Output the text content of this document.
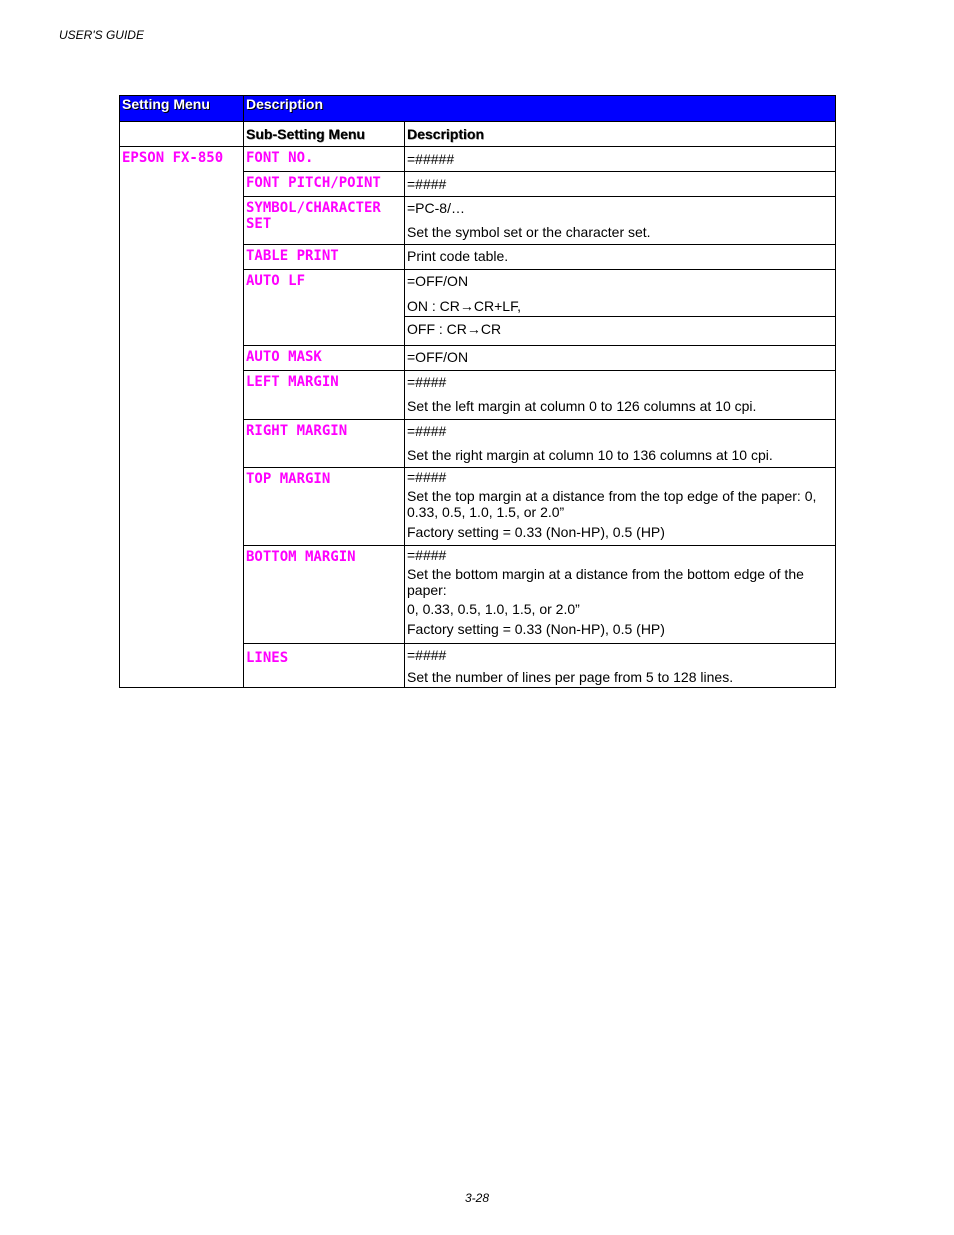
USER'S GUIDE
Setting Menu	Description	
	Sub-Setting Menu	Description
EPSON FX-850	FONT NO.	=#####

	FONT PITCH/POINT	=####

	SYMBOL/CHARACTER SET	=PC-8/…
Set the symbol set or the character set.

	TABLE PRINT	Print code table.

	AUTO LF	=OFF/ON
ON : CR→CR+LF,
OFF : CR→CR

	AUTO MASK	=OFF/ON

	LEFT MARGIN	=####
Set the left margin at column 0 to 126 columns at 10 cpi.

	RIGHT MARGIN	=####
Set the right margin at column 10 to 136 columns at 10 cpi.

	TOP MARGIN	=####
Set the top margin at a distance from the top edge of the paper: 0, 0.33, 0.5, 1.0, 1.5, or 2.0”
Factory setting = 0.33 (Non-HP), 0.5 (HP)

	BOTTOM MARGIN	=####
Set the bottom margin at a distance from the bottom edge of the paper:
0, 0.33, 0.5, 1.0, 1.5, or 2.0”
Factory setting = 0.33 (Non-HP), 0.5 (HP)

	LINES	=####
Set the number of lines per page from 5 to 128 lines.
3-28
